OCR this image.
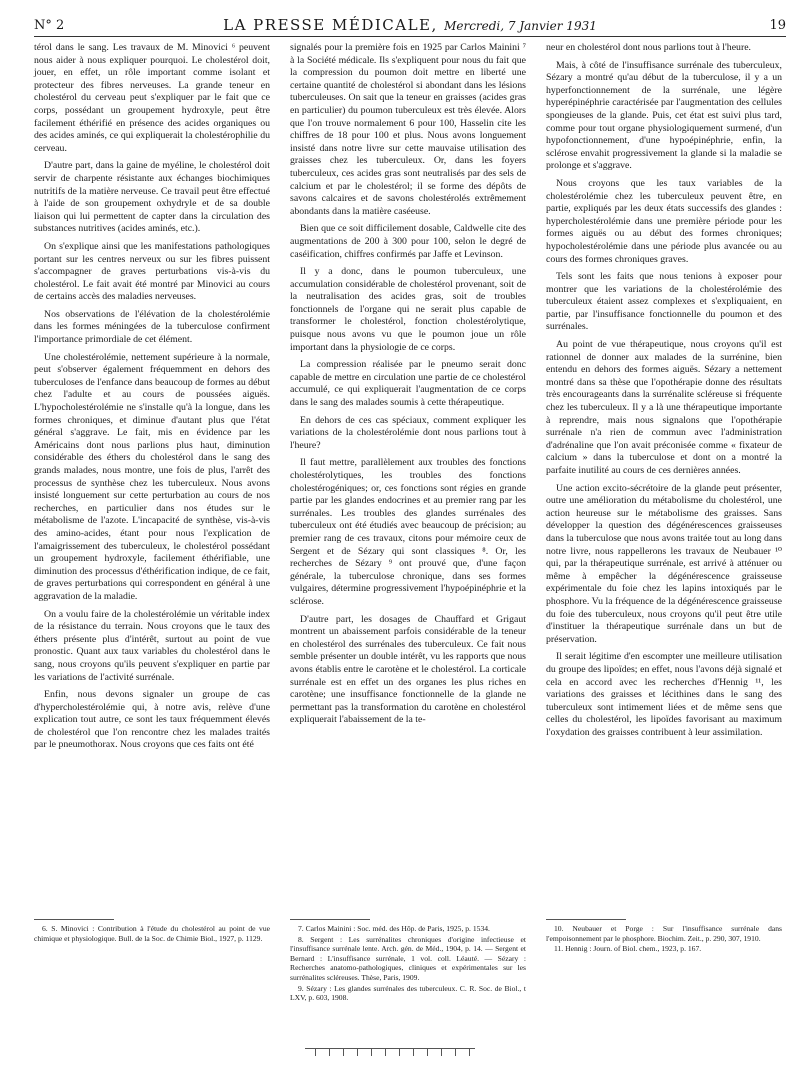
N° 2	LA PRESSE MÉDICALE, Mercredi, 7 Janvier 1931	19

térol dans le sang. Les travaux de M. Minovici ⁶ peuvent nous aider à nous expliquer pourquoi. Le cholestérol doit, jouer, en effet, un rôle important comme isolant et protecteur des fibres nerveuses. La grande teneur en cholestérol du cerveau peut s'expliquer par le fait que ce corps, possédant un groupement hydroxyle, peut être facilement éthérifié en présence des acides organiques ou des acides aminés, ce qui expliquerait la cholestérophilie du cerveau.

D'autre part, dans la gaine de myéline, le cholestérol doit servir de charpente résistante aux échanges biochimiques nutritifs de la matière nerveuse. Ce travail peut être effectué à l'aide de son groupement oxhydryle et de sa double liaison qui lui permettent de capter dans la circulation des substances nutritives (acides aminés, etc.).

On s'explique ainsi que les manifestations pathologiques portant sur les centres nerveux ou sur les fibres puissent s'accompagner de graves perturbations vis-à-vis du cholestérol. Le fait avait été montré par Minovici au cours de certains accès des maladies nerveuses.

Nos observations de l'élévation de la cholestérolémie dans les formes méningées de la tuberculose confirment l'importance primordiale de cet élément.

Une cholestérolémie, nettement supérieure à la normale, peut s'observer également fréquemment en dehors des tuberculoses de l'enfance dans beaucoup de formes au début chez l'adulte et au cours de poussées aiguës. L'hypocholestérolémie ne s'installe qu'à la longue, dans les formes chroniques, et diminue d'autant plus que l'état général s'aggrave. Le fait, mis en évidence par les Américains dont nous parlions plus haut, diminution considérable des éthers du cholestérol dans le sang des grands malades, nous montre, une fois de plus, l'arrêt des processus de synthèse chez les tuberculeux. Nous avons insisté longuement sur cette perturbation au cours de nos recherches, en particulier dans nos études sur le métabolisme de l'azote. L'incapacité de synthèse, vis-à-vis des amino-acides, étant pour nous l'explication de l'amaigrissement des tuberculeux, le cholestérol possédant un groupement hydroxyle, facilement éthérifiable, une diminution des processus d'éthérification indique, de ce fait, de graves perturbations qui correspondent en général à une aggravation de la maladie.

On a voulu faire de la cholestérolémie un véritable index de la résistance du terrain. Nous croyons que le taux des éthers présente plus d'intérêt, surtout au point de vue pronostic. Quant aux taux variables du cholestérol dans le sang, nous croyons qu'ils peuvent s'expliquer en partie par les variations de l'activité surrénale.

Enfin, nous devons signaler un groupe de cas d'hypercholestérolémie qui, à notre avis, relève d'une explication tout autre, ce sont les taux fréquemment élevés de cholestérol que l'on rencontre chez les malades traités par le pneumothorax. Nous croyons que ces faits ont été

signalés pour la première fois en 1925 par Carlos Mainini ⁷ à la Société médicale. Ils s'expliquent pour nous du fait que la compression du poumon doit mettre en liberté une certaine quantité de cholestérol si abondant dans les lésions tuberculeuses. On sait que la teneur en graisses (acides gras en particulier) du poumon tuberculeux est très élevée. Alors que l'on trouve normalement 6 pour 100, Hasselin cite les chiffres de 18 pour 100 et plus. Nous avons longuement insisté dans notre livre sur cette mauvaise utilisation des graisses chez les tuberculeux. Or, dans les foyers tuberculeux, ces acides gras sont neutralisés par des sels de calcium et par le cholestérol; il se forme des dépôts de savons calcaires et de savons cholestérolés extrêmement abondants dans la matière caséeuse.

Bien que ce soit difficilement dosable, Caldwelle cite des augmentations de 200 à 300 pour 100, selon le degré de caséification, chiffres confirmés par Jaffe et Levinson.

Il y a donc, dans le poumon tuberculeux, une accumulation considérable de cholestérol provenant, soit de la neutralisation des acides gras, soit de troubles fonctionnels de l'organe qui ne serait plus capable de transformer le cholestérol, fonction cholestérolytique, puisque nous avons vu que le poumon joue un rôle important dans la physiologie de ce corps.

La compression réalisée par le pneumo serait donc capable de mettre en circulation une partie de ce cholestérol accumulé, ce qui expliquerait l'augmentation de ce corps dans le sang des malades soumis à cette thérapeutique.

En dehors de ces cas spéciaux, comment expliquer les variations de la cholestérolémie dont nous parlions tout à l'heure?

Il faut mettre, parallèlement aux troubles des fonctions cholestérolytiques, les troubles des fonctions cholestérogéniques; or, ces fonctions sont régies en grande partie par les glandes endocrines et au premier rang par les surrénales. Les troubles des glandes surrénales des tuberculeux ont été étudiés avec beaucoup de précision; au premier rang de ces travaux, citons pour mémoire ceux de Sergent et de Sézary qui sont classiques ⁸. Or, les recherches de Sézary ⁹ ont prouvé que, d'une façon générale, la tuberculose chronique, dans ses formes vulgaires, détermine progressivement l'hypoépinéphrie et la sclérose.

D'autre part, les dosages de Chauffard et Grigaut montrent un abaissement parfois considérable de la teneur en cholestérol des surrénales des tuberculeux. Ce fait nous semble présenter un double intérêt, vu les rapports que nous avons établis entre le carotène et le cholestérol. La corticale surrénale est en effet un des organes les plus riches en carotène; une insuffisance fonctionnelle de la glande ne permettant pas la transformation du carotène en cholestérol expliquerait l'abaissement de la te-

neur en cholestérol dont nous parlions tout à l'heure.

Mais, à côté de l'insuffisance surrénale des tuberculeux, Sézary a montré qu'au début de la tuberculose, il y a un hyperfonctionnement de la surrénale, une légère hyperépinéphrie caractérisée par l'augmentation des cellules spongieuses de la glande. Puis, cet état est suivi plus tard, comme pour tout organe physiologiquement surmené, d'un hypofonctionnement, d'une hypoépinéphrie, enfin, la sclérose envahit progressivement la glande si la maladie se prolonge et s'aggrave.

Nous croyons que les taux variables de la cholestérolémie chez les tuberculeux peuvent être, en partie, expliqués par les deux états successifs des glandes : hypercholestérolémie dans une première période pour les formes aiguës ou au début des formes chroniques; hypocholestérolémie dans une période plus avancée ou au cours des formes chroniques graves.

Tels sont les faits que nous tenions à exposer pour montrer que les variations de la cholestérolémie des tuberculeux étaient assez complexes et s'expliquaient, en partie, par l'insuffisance fonctionnelle du poumon et des surrénales.

Au point de vue thérapeutique, nous croyons qu'il est rationnel de donner aux malades de la surrénine, bien entendu en dehors des formes aiguës. Sézary a nettement montré dans sa thèse que l'opothérapie donne des résultats très encourageants dans la surrénalite scléreuse si fréquente chez les tuberculeux. Il y a là une thérapeutique importante à reprendre, mais nous signalons que l'opothérapie surrénale n'a rien de commun avec l'administration d'adrénaline que l'on avait préconisée comme « fixateur de calcium » dans la tuberculose et dont on a montré la parfaite inutilité au cours de ces dernières années.

Une action excito-sécrétoire de la glande peut présenter, outre une amélioration du métabolisme du cholestérol, une action heureuse sur le métabolisme des graisses. Sans développer la question des dégénérescences graisseuses dans la tuberculose que nous avons traitée tout au long dans notre livre, nous rappellerons les travaux de Neubauer ¹⁰ qui, par la thérapeutique surrénale, est arrivé à atténuer ou même à empêcher la dégénérescence graisseuse expérimentale du foie chez les lapins intoxiqués par le phosphore. Vu la fréquence de la dégénérescence graisseuse du foie des tuberculeux, nous croyons qu'il peut être utile d'instituer la thérapeutique surrénale dans un but de préservation.

Il serait légitime d'en escompter une meilleure utilisation du groupe des lipoïdes; en effet, nous l'avons déjà signalé et cela en accord avec les recherches d'Hennig ¹¹, les variations des graisses et lécithines dans le sang des tuberculeux sont intimement liées et de même sens que celles du cholestérol, les lipoïdes favorisant au maximum l'oxydation des graisses contribuent à leur assimilation.

6. S. Minovici : Contribution à l'étude du cholestérol au point de vue chimique et physiologique. Bull. de la Soc. de Chimie Biol., 1927, p. 1129.

7. Carlos Mainini : Soc. méd. des Hôp. de Paris, 1925, p. 1534.

8. Sergent : Les surrénalites chroniques d'origine infectieuse et l'insuffisance surrénale lente. Arch. gén. de Méd., 1904, p. 14. — Sergent et Bernard : L'insuffisance surrénale, 1 vol. coll. Léauté. — Sézary : Recherches anatomo-pathologiques, cliniques et expérimentales sur les surrénalites scléreuses. Thèse, Paris, 1909.

9. Sézary : Les glandes surrénales des tuberculeux. C. R. Soc. de Biol., t LXV, p. 603, 1908.

10. Neubauer et Porge : Sur l'insuffisance surrénale dans l'empoisonnement par le phosphore. Biochim. Zeit., p. 290, 307, 1910.

11. Hennig : Journ. of Biol. chem., 1923, p. 167.
